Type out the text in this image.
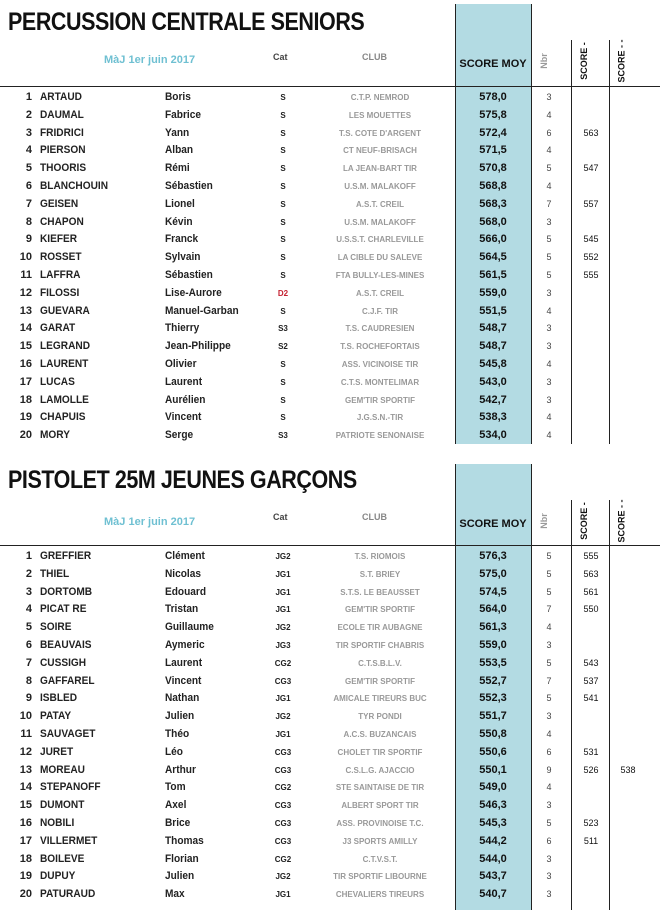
PERCUSSION CENTRALE SENIORS
MàJ 1er juin 2017	Cat	CLUB
SCORE MOY	Nbr	SCORE -	SCORE - -
1 ARTAUD	Boris	S	C.T.P. NEMROD	578,0	3
2 DAUMAL	Fabrice	S	LES MOUETTES	575,8	4
3 FRIDRICI	Yann	S	T.S. COTE D'ARGENT	572,4	6	563
4 PIERSON	Alban	S	CT NEUF-BRISACH	571,5	4
5 THOORIS	Rémi	S	LA JEAN-BART TIR	570,8	5	547
6 BLANCHOUIN	Sébastien	S	U.S.M. MALAKOFF	568,8	4
7 GEISEN	Lionel	S	A.S.T. CREIL	568,3	7	557
8 CHAPON	Kévin	S	U.S.M. MALAKOFF	568,0	3
9 KIEFER	Franck	S	U.S.S.T. CHARLEVILLE	566,0	5	545
10 ROSSET	Sylvain	S	LA CIBLE DU SALEVE	564,5	5	552
11 LAFFRA	Sébastien	S	FTA BULLY-LES-MINES	561,5	5	555
12 FILOSSI	Lise-Aurore	D2	A.S.T. CREIL	559,0	3
13 GUEVARA	Manuel-Garban	S	C.J.F. TIR	551,5	4
14 GARAT	Thierry	S3	T.S. CAUDRESIEN	548,7	3
15 LEGRAND	Jean-Philippe	S2	T.S. ROCHEFORTAIS	548,7	3
16 LAURENT	Olivier	S	ASS. VICINOISE TIR	545,8	4
17 LUCAS	Laurent	S	C.T.S. MONTELIMAR	543,0	3
18 LAMOLLE	Aurélien	S	GEM'TIR SPORTIF	542,7	3
19 CHAPUIS	Vincent	S	J.G.S.N.-TIR	538,3	4
20 MORY	Serge	S3	PATRIOTE SENONAISE	534,0	4
PISTOLET 25M JEUNES GARÇONS
MàJ 1er juin 2017	Cat	CLUB
SCORE MOY	Nbr	SCORE -	SCORE - -
1 GREFFIER	Clément	JG2	T.S. RIOMOIS	576,3	5	555
2 THIEL	Nicolas	JG1	S.T. BRIEY	575,0	5	563
3 DORTOMB	Edouard	JG1	S.T.S. LE BEAUSSET	574,5	5	561
4 PICAT RE	Tristan	JG1	GEM'TIR SPORTIF	564,0	7	550
5 SOIRE	Guillaume	JG2	ECOLE TIR AUBAGNE	561,3	4
6 BEAUVAIS	Aymeric	JG3	TIR SPORTIF CHABRIS	559,0	3
7 CUSSIGH	Laurent	CG2	C.T.S.B.L.V.	553,5	5	543
8 GAFFAREL	Vincent	CG3	GEM'TIR SPORTIF	552,7	7	537
9 ISBLED	Nathan	JG1	AMICALE TIREURS BUC	552,3	5	541
10 PATAY	Julien	JG2	TYR PONDI	551,7	3
11 SAUVAGET	Théo	JG1	A.C.S. BUZANCAIS	550,8	4
12 JURET	Léo	CG3	CHOLET TIR SPORTIF	550,6	6	531
13 MOREAU	Arthur	CG3	C.S.L.G. AJACCIO	550,1	9	526	538
14 STEPANOFF	Tom	CG2	STE SAINTAISE DE TIR	549,0	4
15 DUMONT	Axel	CG3	ALBERT SPORT TIR	546,3	3
16 NOBILI	Brice	CG3	ASS. PROVINOISE T.C.	545,3	5	523
17 VILLERMET	Thomas	CG3	J3 SPORTS AMILLY	544,2	6	511
18 BOILEVE	Florian	CG2	C.T.V.S.T.	544,0	3
19 DUPUY	Julien	JG2	TIR SPORTIF LIBOURNE	543,7	3
20 PATURAUD	Max	JG1	CHEVALIERS TIREURS	540,7	3
